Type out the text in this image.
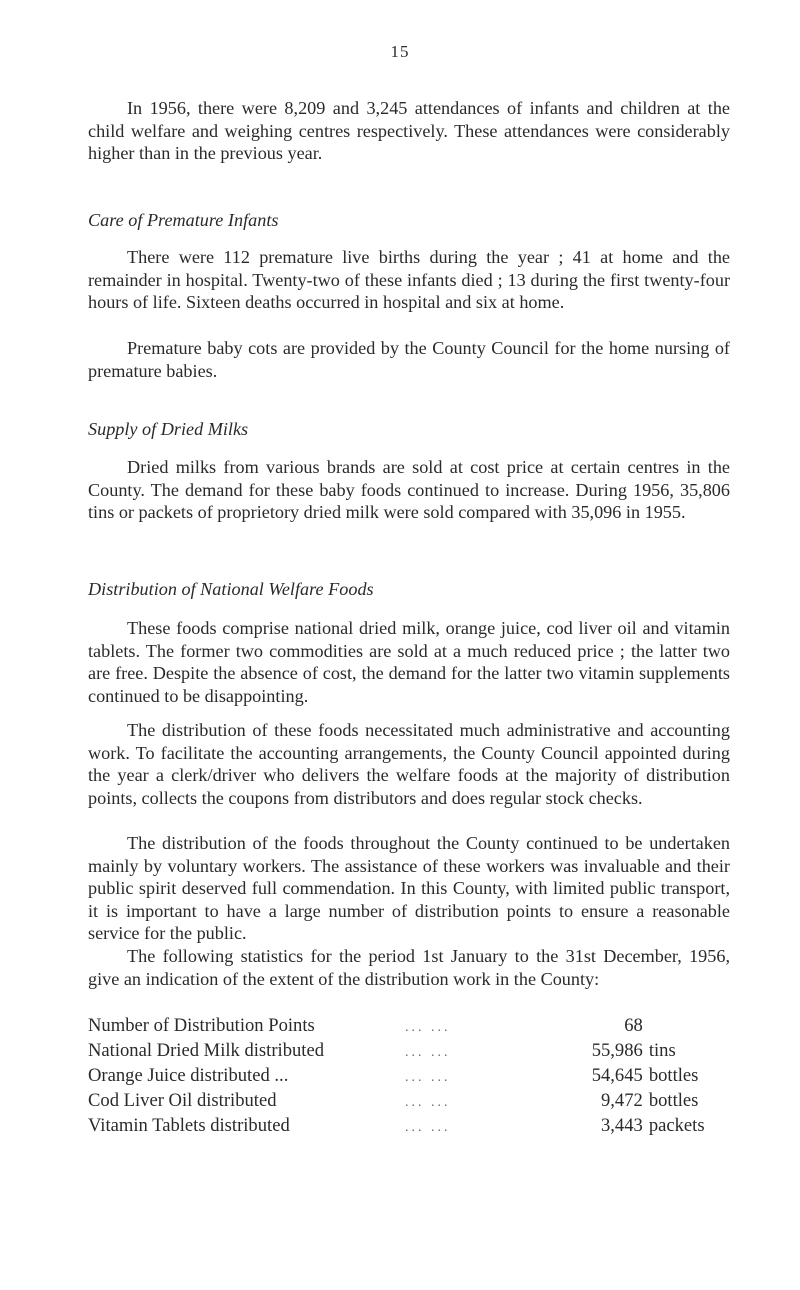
15

In 1956, there were 8,209 and 3,245 attendances of infants and children at the child welfare and weighing centres respectively. These attendances were considerably higher than in the previous year.

Care of Premature Infants

There were 112 premature live births during the year ; 41 at home and the remainder in hospital. Twenty-two of these infants died ; 13 during the first twenty-four hours of life. Sixteen deaths occurred in hospital and six at home.

Premature baby cots are provided by the County Council for the home nursing of premature babies.

Supply of Dried Milks

Dried milks from various brands are sold at cost price at certain centres in the County. The demand for these baby foods continued to increase. During 1956, 35,806 tins or packets of proprietory dried milk were sold compared with 35,096 in 1955.

Distribution of National Welfare Foods

These foods comprise national dried milk, orange juice, cod liver oil and vitamin tablets. The former two commodities are sold at a much reduced price ; the latter two are free. Despite the absence of cost, the demand for the latter two vitamin supplements continued to be disappointing.

The distribution of these foods necessitated much administrative and accounting work. To facilitate the accounting arrangements, the County Council appointed during the year a clerk/driver who delivers the welfare foods at the majority of distribution points, collects the coupons from distributors and does regular stock checks.

The distribution of the foods throughout the County continued to be undertaken mainly by voluntary workers. The assistance of these workers was invaluable and their public spirit deserved full commendation. In this County, with limited public transport, it is important to have a large number of distribution points to ensure a reasonable service for the public.

The following statistics for the period 1st January to the 31st December, 1956, give an indication of the extent of the distribution work in the County:

Number of Distribution Points	... ...	68
National Dried Milk distributed	... ...	55,986 tins
Orange Juice distributed ...	... ...	54,645 bottles
Cod Liver Oil distributed	... ...	9,472 bottles
Vitamin Tablets distributed	... ...	3,443 packets
